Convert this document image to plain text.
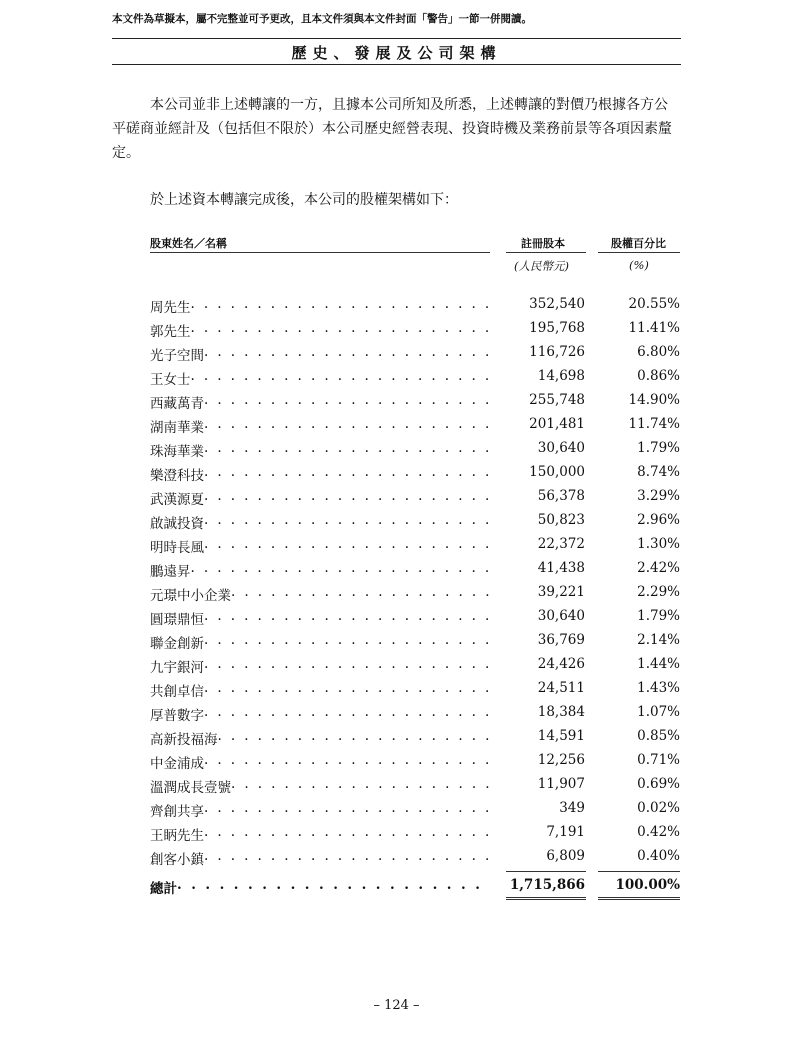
本文件為草擬本，屬不完整並可予更改，且本文件須與本文件封面「警告」一節一併閱讀。
歷史、發展及公司架構

本公司並非上述轉讓的一方，且據本公司所知及所悉，上述轉讓的對價乃根據各方公平磋商並經計及（包括但不限於）本公司歷史經營表現、投資時機及業務前景等各項因素釐定。

於上述資本轉讓完成後，本公司的股權架構如下：

股東姓名／名稱	註冊股本	股權百分比
(人民幣元)	(%)
周先生 . . .	352,540	20.55%
郭先生 . . .	195,768	11.41%
光子空間 . . .	116,726	6.80%
王女士 . . .	14,698	0.86%
西藏萬青 . . .	255,748	14.90%
湖南華業 . . .	201,481	11.74%
珠海華業 . . .	30,640	1.79%
樂澄科技 . . .	150,000	8.74%
武漢源夏 . . .	56,378	3.29%
啟誠投資 . . .	50,823	2.96%
明時長風 . . .	22,372	1.30%
鵬遠昇 . . .	41,438	2.42%
元璟中小企業 . . .	39,221	2.29%
圓璟鼎恒 . . .	30,640	1.79%
聯金創新 . . .	36,769	2.14%
九宇銀河 . . .	24,426	1.44%
共創卓信 . . .	24,511	1.43%
厚普數字 . . .	18,384	1.07%
高新投福海 . . .	14,591	0.85%
中金浦成 . . .	12,256	0.71%
溫潤成長壹號 . . .	11,907	0.69%
齊創共享 . . .	349	0.02%
王眪先生 . . .	7,191	0.42%
創客小鎮 . . .	6,809	0.40%
總計 . . .	1,715,866	100.00%
– 124 –
